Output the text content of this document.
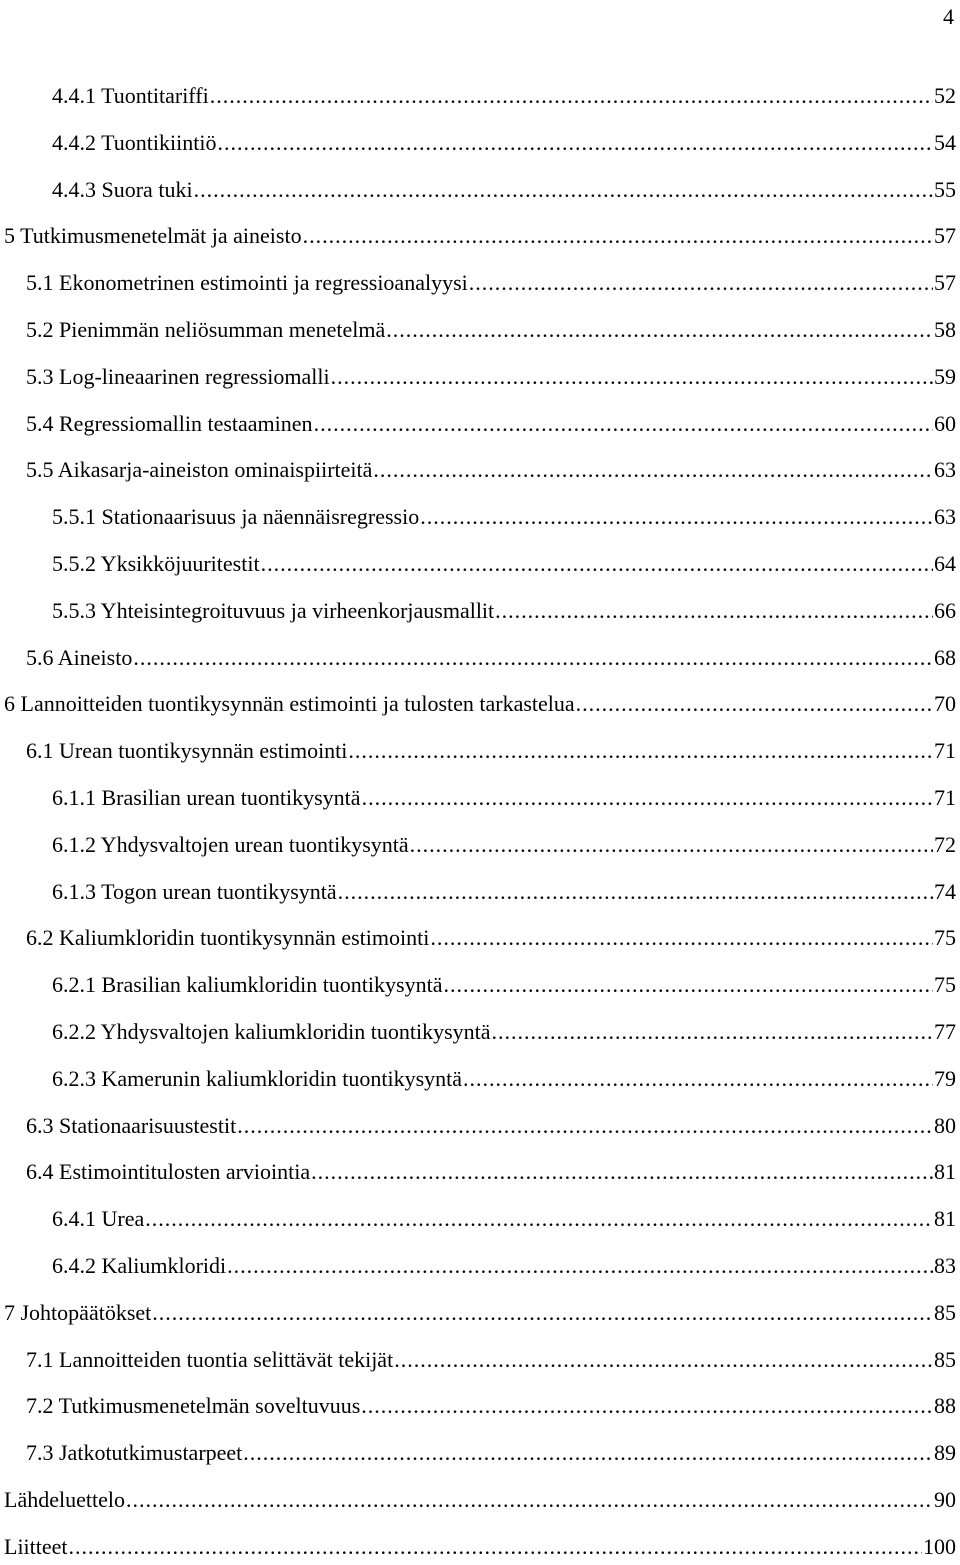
4
4.4.1 Tuontitariffi .....	52
4.4.2 Tuontikiintiö .....	54
4.4.3 Suora tuki .....	55
5 Tutkimusmenetelmät ja aineisto .....	57
5.1 Ekonometrinen estimointi ja regressioanalyysi .....	57
5.2 Pienimmän neliösumman menetelmä .....	58
5.3 Log-lineaarinen regressiomalli .....	59
5.4 Regressiomallin testaaminen .....	60
5.5 Aikasarja-aineiston ominaispiirteitä .....	63
5.5.1 Stationaarisuus ja näennäisregressio .....	63
5.5.2 Yksikköjuuritestit .....	64
5.5.3 Yhteisintegroituvuus ja virheenkorjausmallit .....	66
5.6 Aineisto .....	68
6 Lannoitteiden tuontikysynnän estimointi ja tulosten tarkastelua .....	70
6.1 Urean tuontikysynnän estimointi .....	71
6.1.1 Brasilian urean tuontikysyntä .....	71
6.1.2 Yhdysvaltojen urean tuontikysyntä .....	72
6.1.3 Togon urean tuontikysyntä .....	74
6.2 Kaliumkloridin tuontikysynnän estimointi .....	75
6.2.1 Brasilian kaliumkloridin tuontikysyntä .....	75
6.2.2 Yhdysvaltojen kaliumkloridin tuontikysyntä .....	77
6.2.3 Kamerunin kaliumkloridin tuontikysyntä .....	79
6.3 Stationaarisuustestit .....	80
6.4 Estimointitulosten arviointia .....	81
6.4.1 Urea .....	81
6.4.2 Kaliumkloridi .....	83
7 Johtopäätökset .....	85
7.1 Lannoitteiden tuontia selittävät tekijät .....	85
7.2 Tutkimusmenetelmän soveltuvuus .....	88
7.3 Jatkotutkimustarpeet .....	89
Lähdeluettelo .....	90
Liitteet .....	100
